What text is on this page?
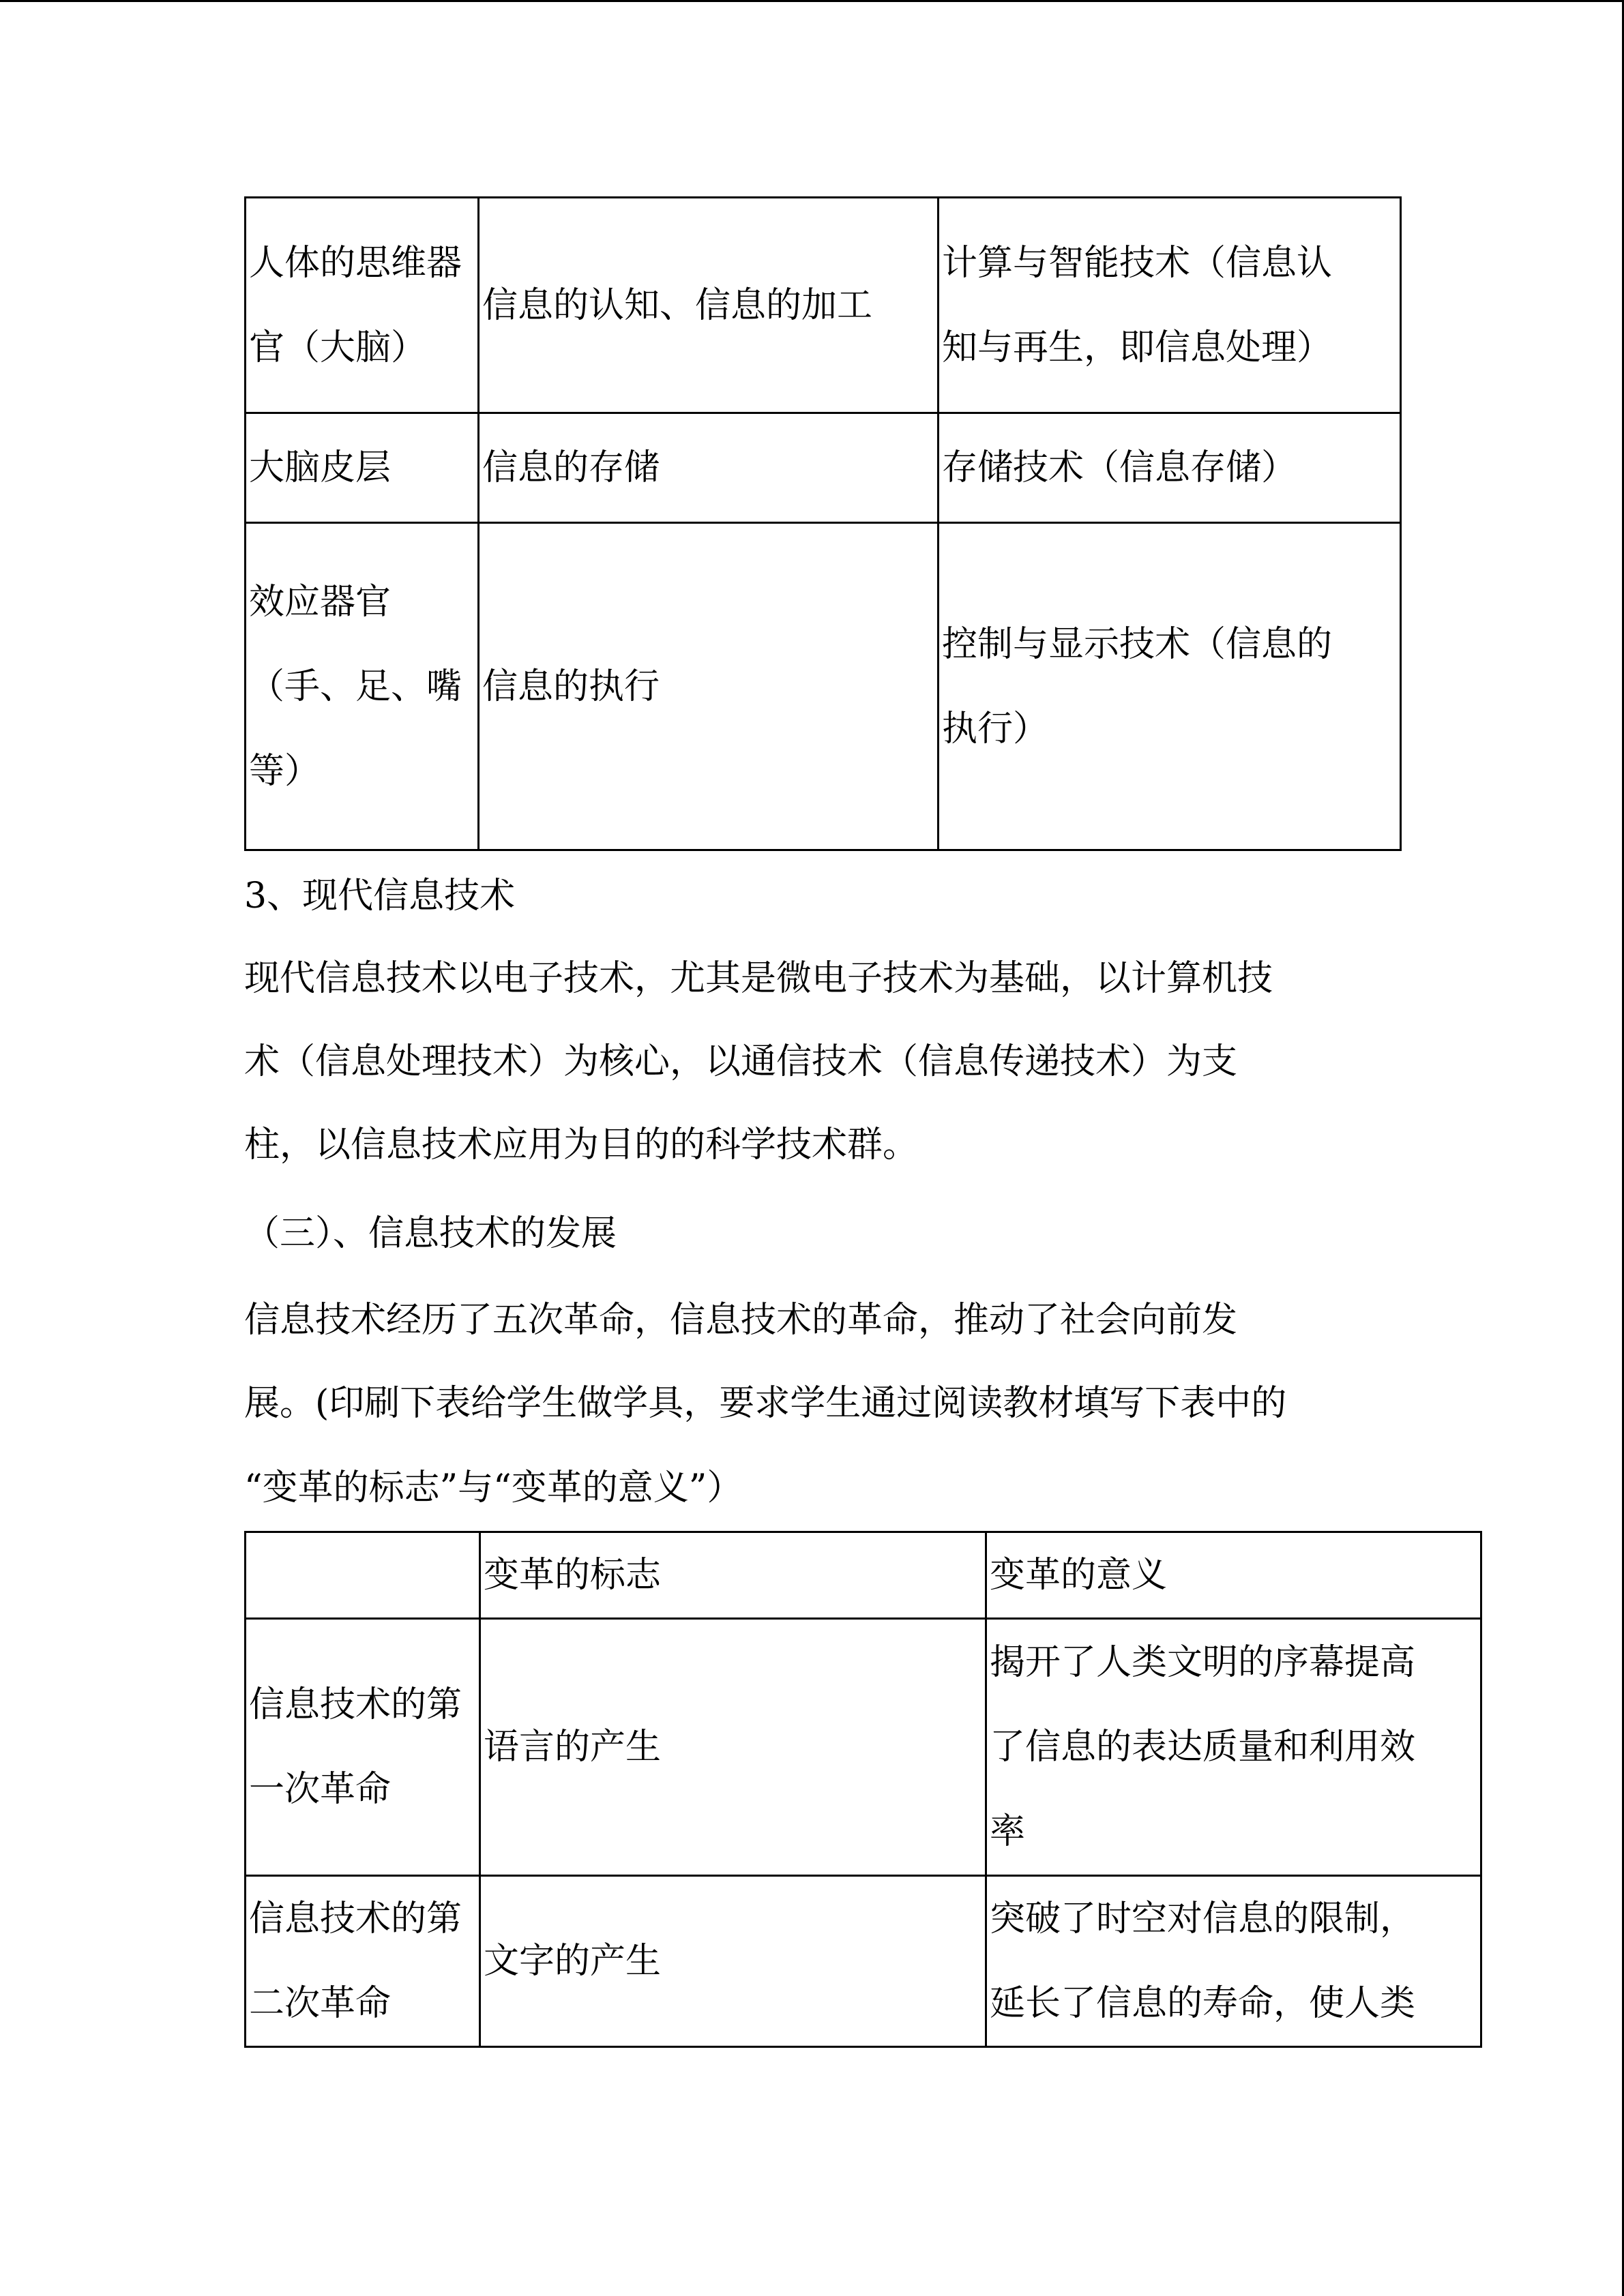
人体的思维器
官（大脑）	信息的认知、信息的加工	计算与智能技术（信息认
知与再生，即信息处理）

大脑皮层	信息的存储	存储技术（信息存储）

效应器官
（手、足、嘴
等）	信息的执行	控制与显示技术（信息的
执行）

3、现代信息技术

现代信息技术以电子技术，尤其是微电子技术为基础，以计算机技

术（信息处理技术）为核心，以通信技术（信息传递技术）为支

柱，以信息技术应用为目的的科学技术群。

（三）、信息技术的发展

信息技术经历了五次革命，信息技术的革命，推动了社会向前发

展。(印刷下表给学生做学具，要求学生通过阅读教材填写下表中的

“变革的标志”与“变革的意义”）

	变革的标志	变革的意义

信息技术的第
一次革命	语言的产生	揭开了人类文明的序幕提高
了信息的表达质量和利用效
率

信息技术的第
二次革命	文字的产生	突破了时空对信息的限制，
延长了信息的寿命，使人类
